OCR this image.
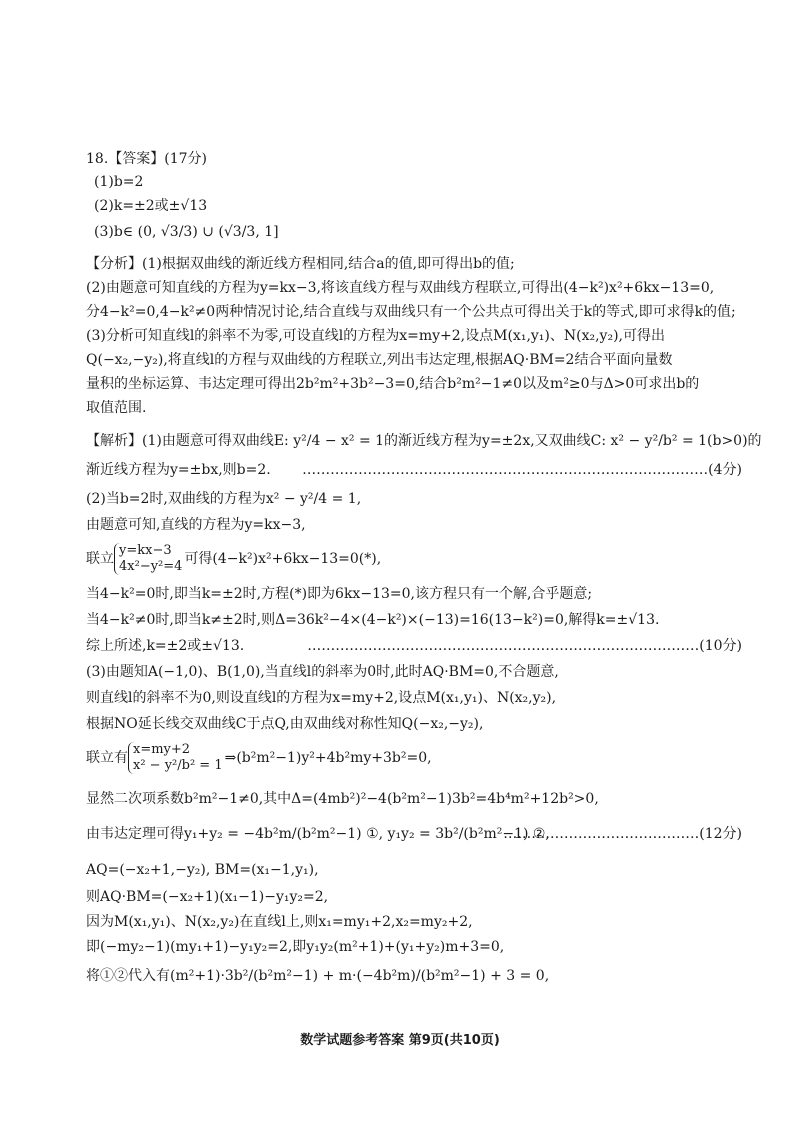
18.【答案】(17分)
(1)b=2
(2)k=±2或±√13
(3)b∈ (0, √3/3) ∪ (√3/3, 1]
【分析】(1)根据双曲线的渐近线方程相同,结合a的值,即可得出b的值;
(2)由题意可知直线的方程为y=kx−3,将该直线方程与双曲线方程联立,可得出(4−k²)x²+6kx−13=0,
分4−k²=0,4−k²≠0两种情况讨论,结合直线与双曲线只有一个公共点可得出关于k的等式,即可求得k的值;
(3)分析可知直线l的斜率不为零,可设直线l的方程为x=my+2,设点M(x₁,y₁)、N(x₂,y₂),可得出
Q(−x₂,−y₂),将直线l的方程与双曲线的方程联立,列出韦达定理,根据AQ·BM=2结合平面向量数
量积的坐标运算、韦达定理可得出2b²m²+3b²−3=0,结合b²m²−1≠0以及m²≥0与Δ>0可求出b的
取值范围.
【解析】(1)由题意可得双曲线E: y²/4 − x² = 1的渐近线方程为y=±2x,又双曲线C: x² − y²/b² = 1(b>0)的
渐近线方程为y=±bx,则b=2. ……………………………………………………………………………(4分)
(2)当b=2时,双曲线的方程为x² − y²/4 = 1,
由题意可知,直线的方程为y=kx−3,
联立
y=kx−3
4x²−y²=4 可得(4−k²)x²+6kx−13=0(*),
当4−k²=0时,即当k=±2时,方程(*)即为6kx−13=0,该方程只有一个解,合乎题意;
当4−k²≠0时,即当k≠±2时,则Δ=36k²−4×(4−k²)×(−13)=16(13−k²)=0,解得k=±√13.
综上所述,k=±2或±√13.	…………………………………………………………………………(10分)
(3)由题知A(−1,0)、B(1,0),当直线l的斜率为0时,此时AQ·BM=0,不合题意,
则直线l的斜率不为0,则设直线l的方程为x=my+2,设点M(x₁,y₁)、N(x₂,y₂),
根据NO延长线交双曲线C于点Q,由双曲线对称性知Q(−x₂,−y₂),
联立有
x=my+2
x² − y²/b² = 1 ⇒(b²m²−1)y²+4b²my+3b²=0,
显然二次项系数b²m²−1≠0,其中Δ=(4mb²)²−4(b²m²−1)3b²=4b⁴m²+12b²>0,
由韦达定理可得y₁+y₂ = −4b²m/(b²m²−1) ①, y₁y₂ = 3b²/(b²m²−1) ②,
……………………………………(12分)
AQ=(−x₂+1,−y₂), BM=(x₁−1,y₁),
则AQ·BM=(−x₂+1)(x₁−1)−y₁y₂=2,
因为M(x₁,y₁)、N(x₂,y₂)在直线l上,则x₁=my₁+2,x₂=my₂+2,
即(−my₂−1)(my₁+1)−y₁y₂=2,即y₁y₂(m²+1)+(y₁+y₂)m+3=0,
将①②代入有(m²+1)·3b²/(b²m²−1) + m·(−4b²m)/(b²m²−1) + 3 = 0,
数学试题参考答案 第9页(共10页)
